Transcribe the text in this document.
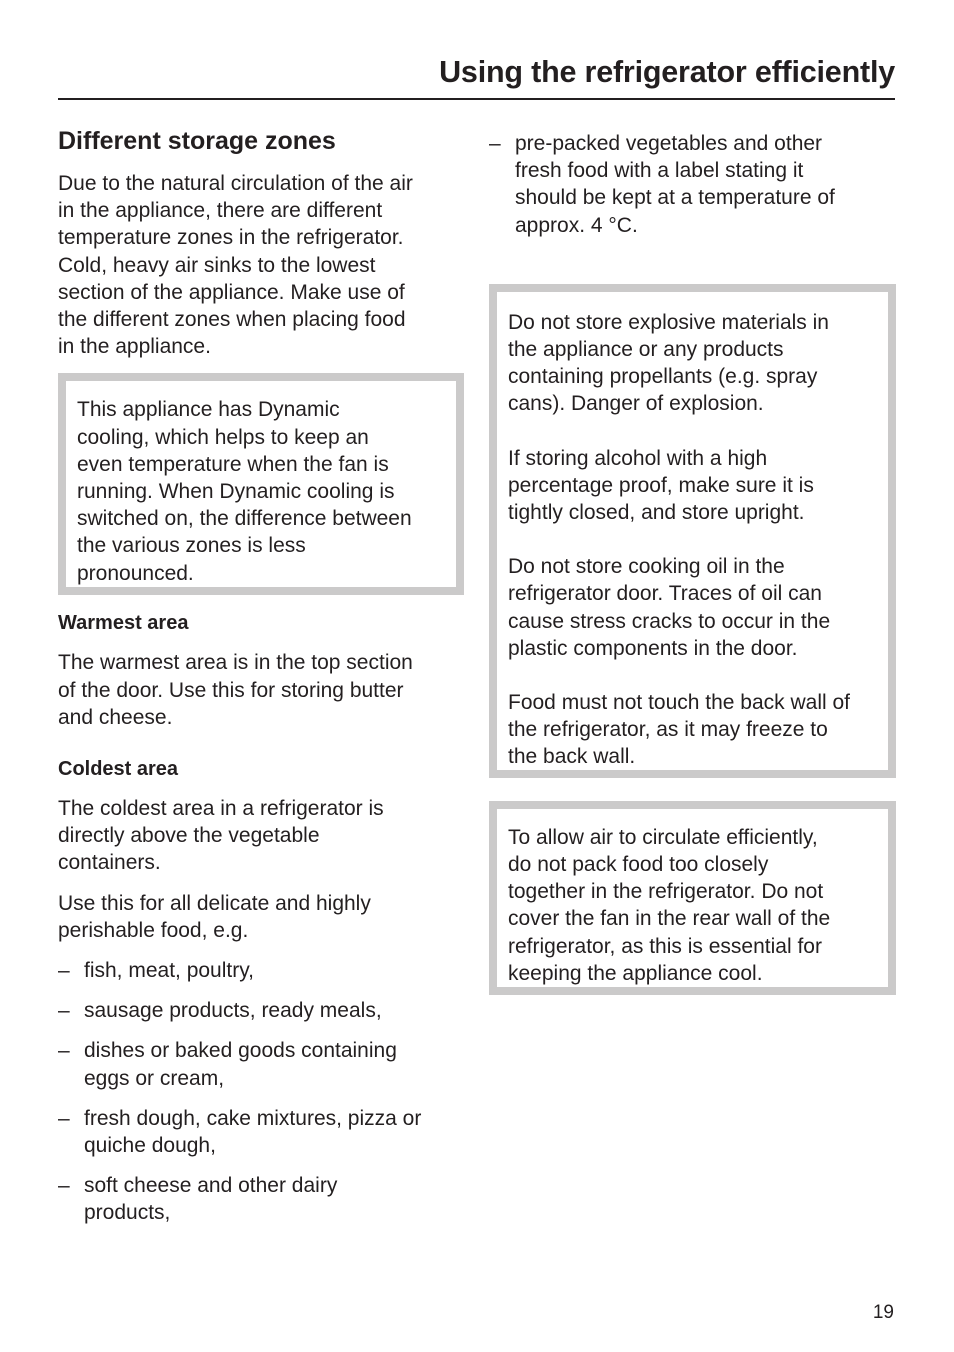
Using the refrigerator efficiently
Different storage zones

Due to the natural circulation of the air
in the appliance, there are different
temperature zones in the refrigerator.
Cold, heavy air sinks to the lowest
section of the appliance. Make use of
the different zones when placing food
in the appliance.

This appliance has Dynamic
cooling, which helps to keep an
even temperature when the fan is
running. When Dynamic cooling is
switched on, the difference between
the various zones is less
pronounced.

Warmest area

The warmest area is in the top section
of the door. Use this for storing butter
and cheese.

Coldest area

The coldest area in a refrigerator is
directly above the vegetable
containers.

Use this for all delicate and highly
perishable food, e.g.

– fish, meat, poultry,
– sausage products, ready meals,
– dishes or baked goods containing
eggs or cream,
– fresh dough, cake mixtures, pizza or
quiche dough,
– soft cheese and other dairy
products,
– pre-packed vegetables and other
fresh food with a label stating it
should be kept at a temperature of
approx. 4 °C.

Do not store explosive materials in
the appliance or any products
containing propellants (e.g. spray
cans). Danger of explosion.

If storing alcohol with a high
percentage proof, make sure it is
tightly closed, and store upright.

Do not store cooking oil in the
refrigerator door. Traces of oil can
cause stress cracks to occur in the
plastic components in the door.

Food must not touch the back wall of
the refrigerator, as it may freeze to
the back wall.

To allow air to circulate efficiently,
do not pack food too closely
together in the refrigerator. Do not
cover the fan in the rear wall of the
refrigerator, as this is essential for
keeping the appliance cool.

19
